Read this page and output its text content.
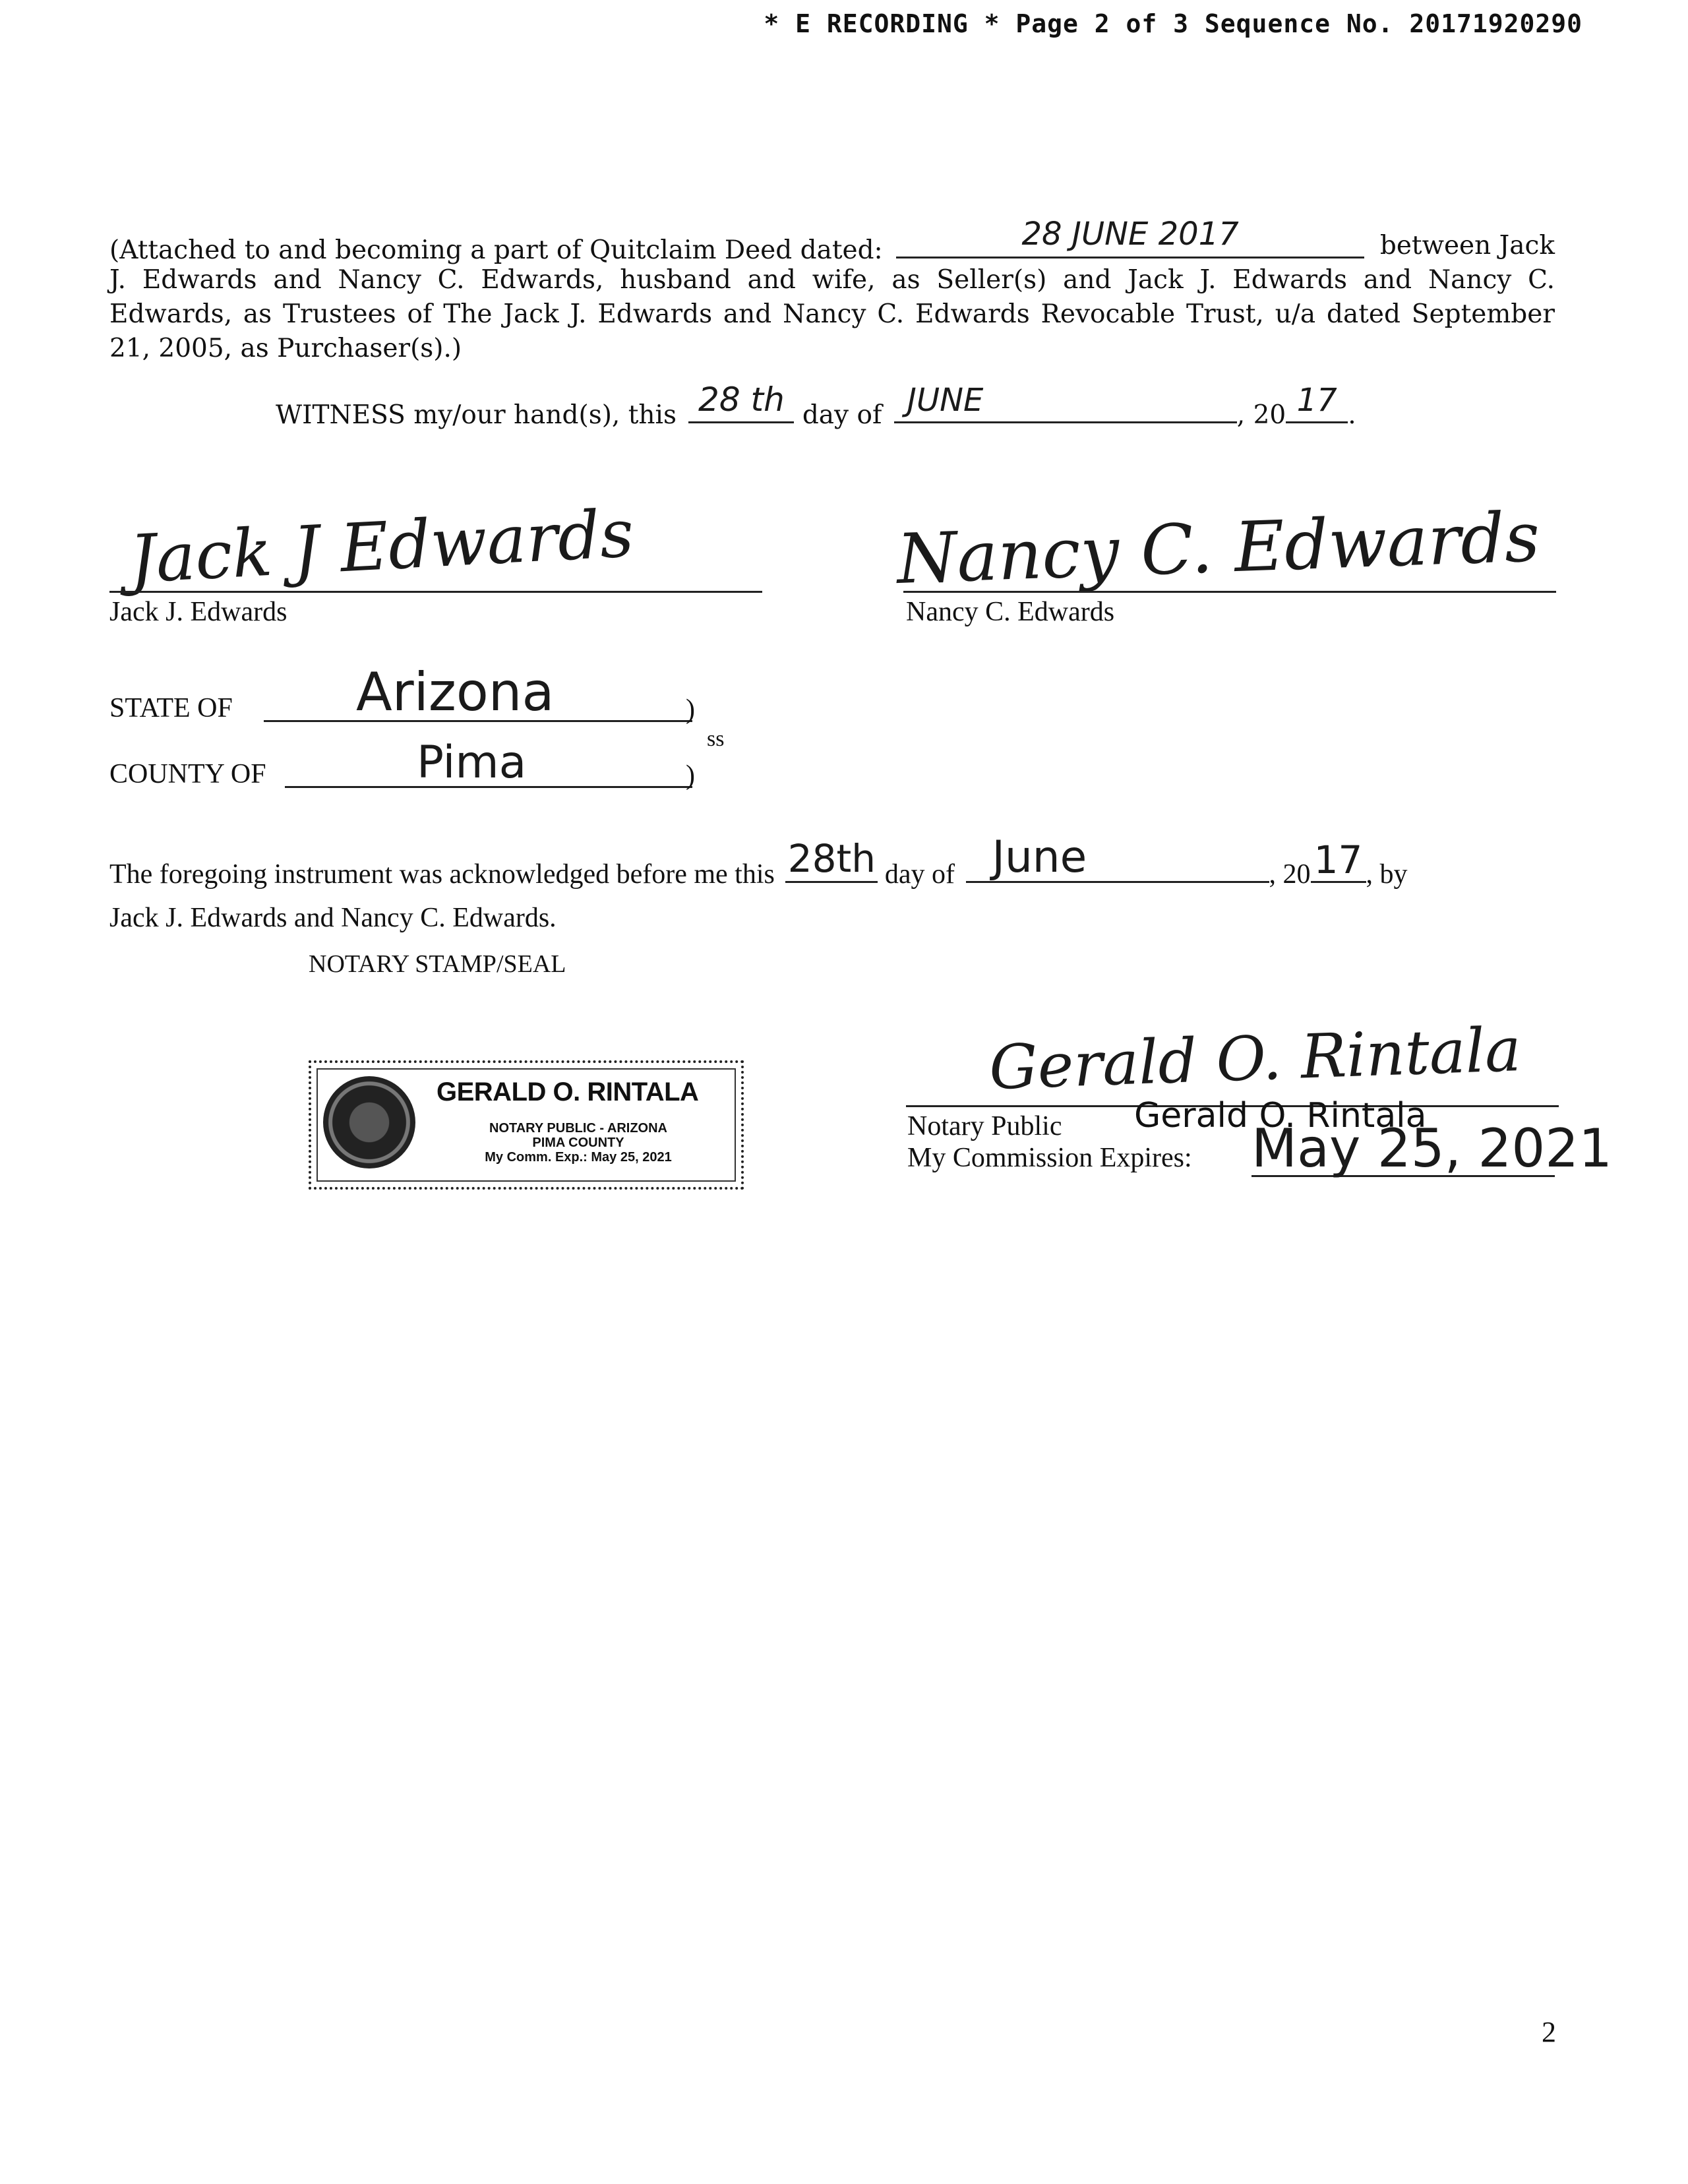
* E RECORDING * Page 2 of 3 Sequence No. 20171920290
(Attached to and becoming a part of Quitclaim Deed dated:	28 JUNE 2017	between Jack
J. Edwards and Nancy C. Edwards, husband and wife, as Seller(s) and Jack J. Edwards and Nancy C.
Edwards, as Trustees of The Jack J. Edwards and Nancy C. Edwards Revocable Trust, u/a dated September
21, 2005, as Purchaser(s).)
WITNESS my/our hand(s), this 28 th day of JUNE	, 20 17 .
Jack J Edwards
Jack J. Edwards
Nancy C. Edwards
Nancy C. Edwards
STATE OF Arizona	)
ss
COUNTY OF	Pima	)
The foregoing instrument was acknowledged before me this 28th day of June	, 20 17 , by
Jack J. Edwards and Nancy C. Edwards.
NOTARY STAMP/SEAL
GERALD O. RINTALA
NOTARY PUBLIC - ARIZONA
PIMA COUNTY
My Comm. Exp.: May 25, 2021
Gerald O. Rintala
Notary Public Gerald O. Rintala
My Commission Expires: May 25, 2021
2
